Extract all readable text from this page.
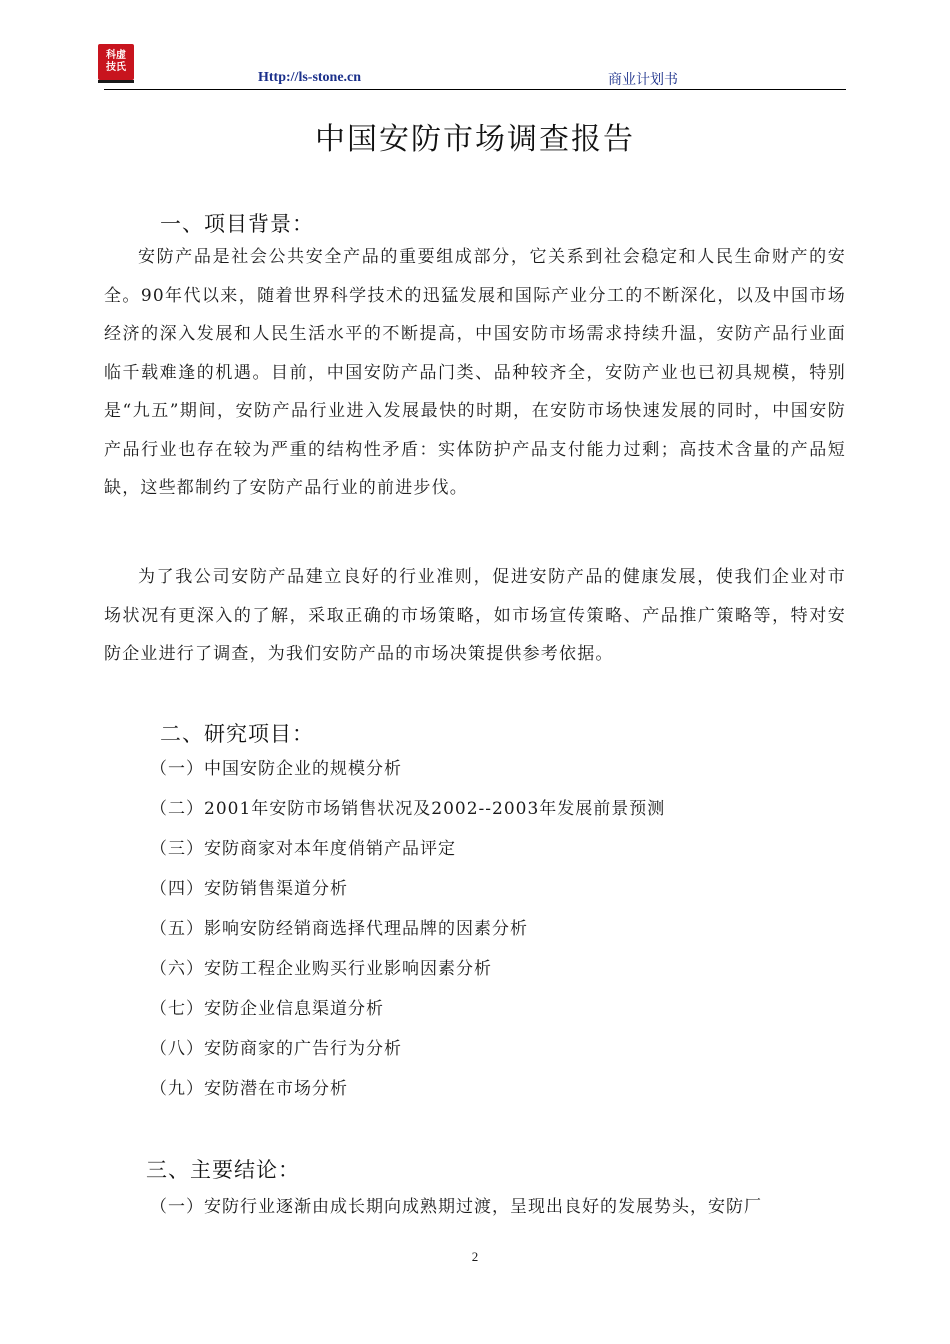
科虚
技氏
Http://ls-stone.cn	商业计划书
中国安防市场调查报告
一、项目背景：

安防产品是社会公共安全产品的重要组成部分，它关系到社会稳定和人民生命财产的安全。90年代以来，随着世界科学技术的迅猛发展和国际产业分工的不断深化，以及中国市场经济的深入发展和人民生活水平的不断提高，中国安防市场需求持续升温，安防产品行业面临千载难逢的机遇。目前，中国安防产品门类、品种较齐全，安防产业也已初具规模，特别是“九五”期间，安防产品行业进入发展最快的时期，在安防市场快速发展的同时，中国安防产品行业也存在较为严重的结构性矛盾：实体防护产品支付能力过剩；高技术含量的产品短缺，这些都制约了安防产品行业的前进步伐。

为了我公司安防产品建立良好的行业准则，促进安防产品的健康发展，使我们企业对市场状况有更深入的了解，采取正确的市场策略，如市场宣传策略、产品推广策略等，特对安防企业进行了调查，为我们安防产品的市场决策提供参考依据。

二、研究项目：
（一）中国安防企业的规模分析
（二）2001年安防市场销售状况及2002--2003年发展前景预测
（三）安防商家对本年度俏销产品评定
（四）安防销售渠道分析
（五）影响安防经销商选择代理品牌的因素分析
（六）安防工程企业购买行业影响因素分析
（七）安防企业信息渠道分析
（八）安防商家的广告行为分析
（九）安防潜在市场分析
三、主要结论：
（一）安防行业逐渐由成长期向成熟期过渡，呈现出良好的发展势头，安防厂
2
